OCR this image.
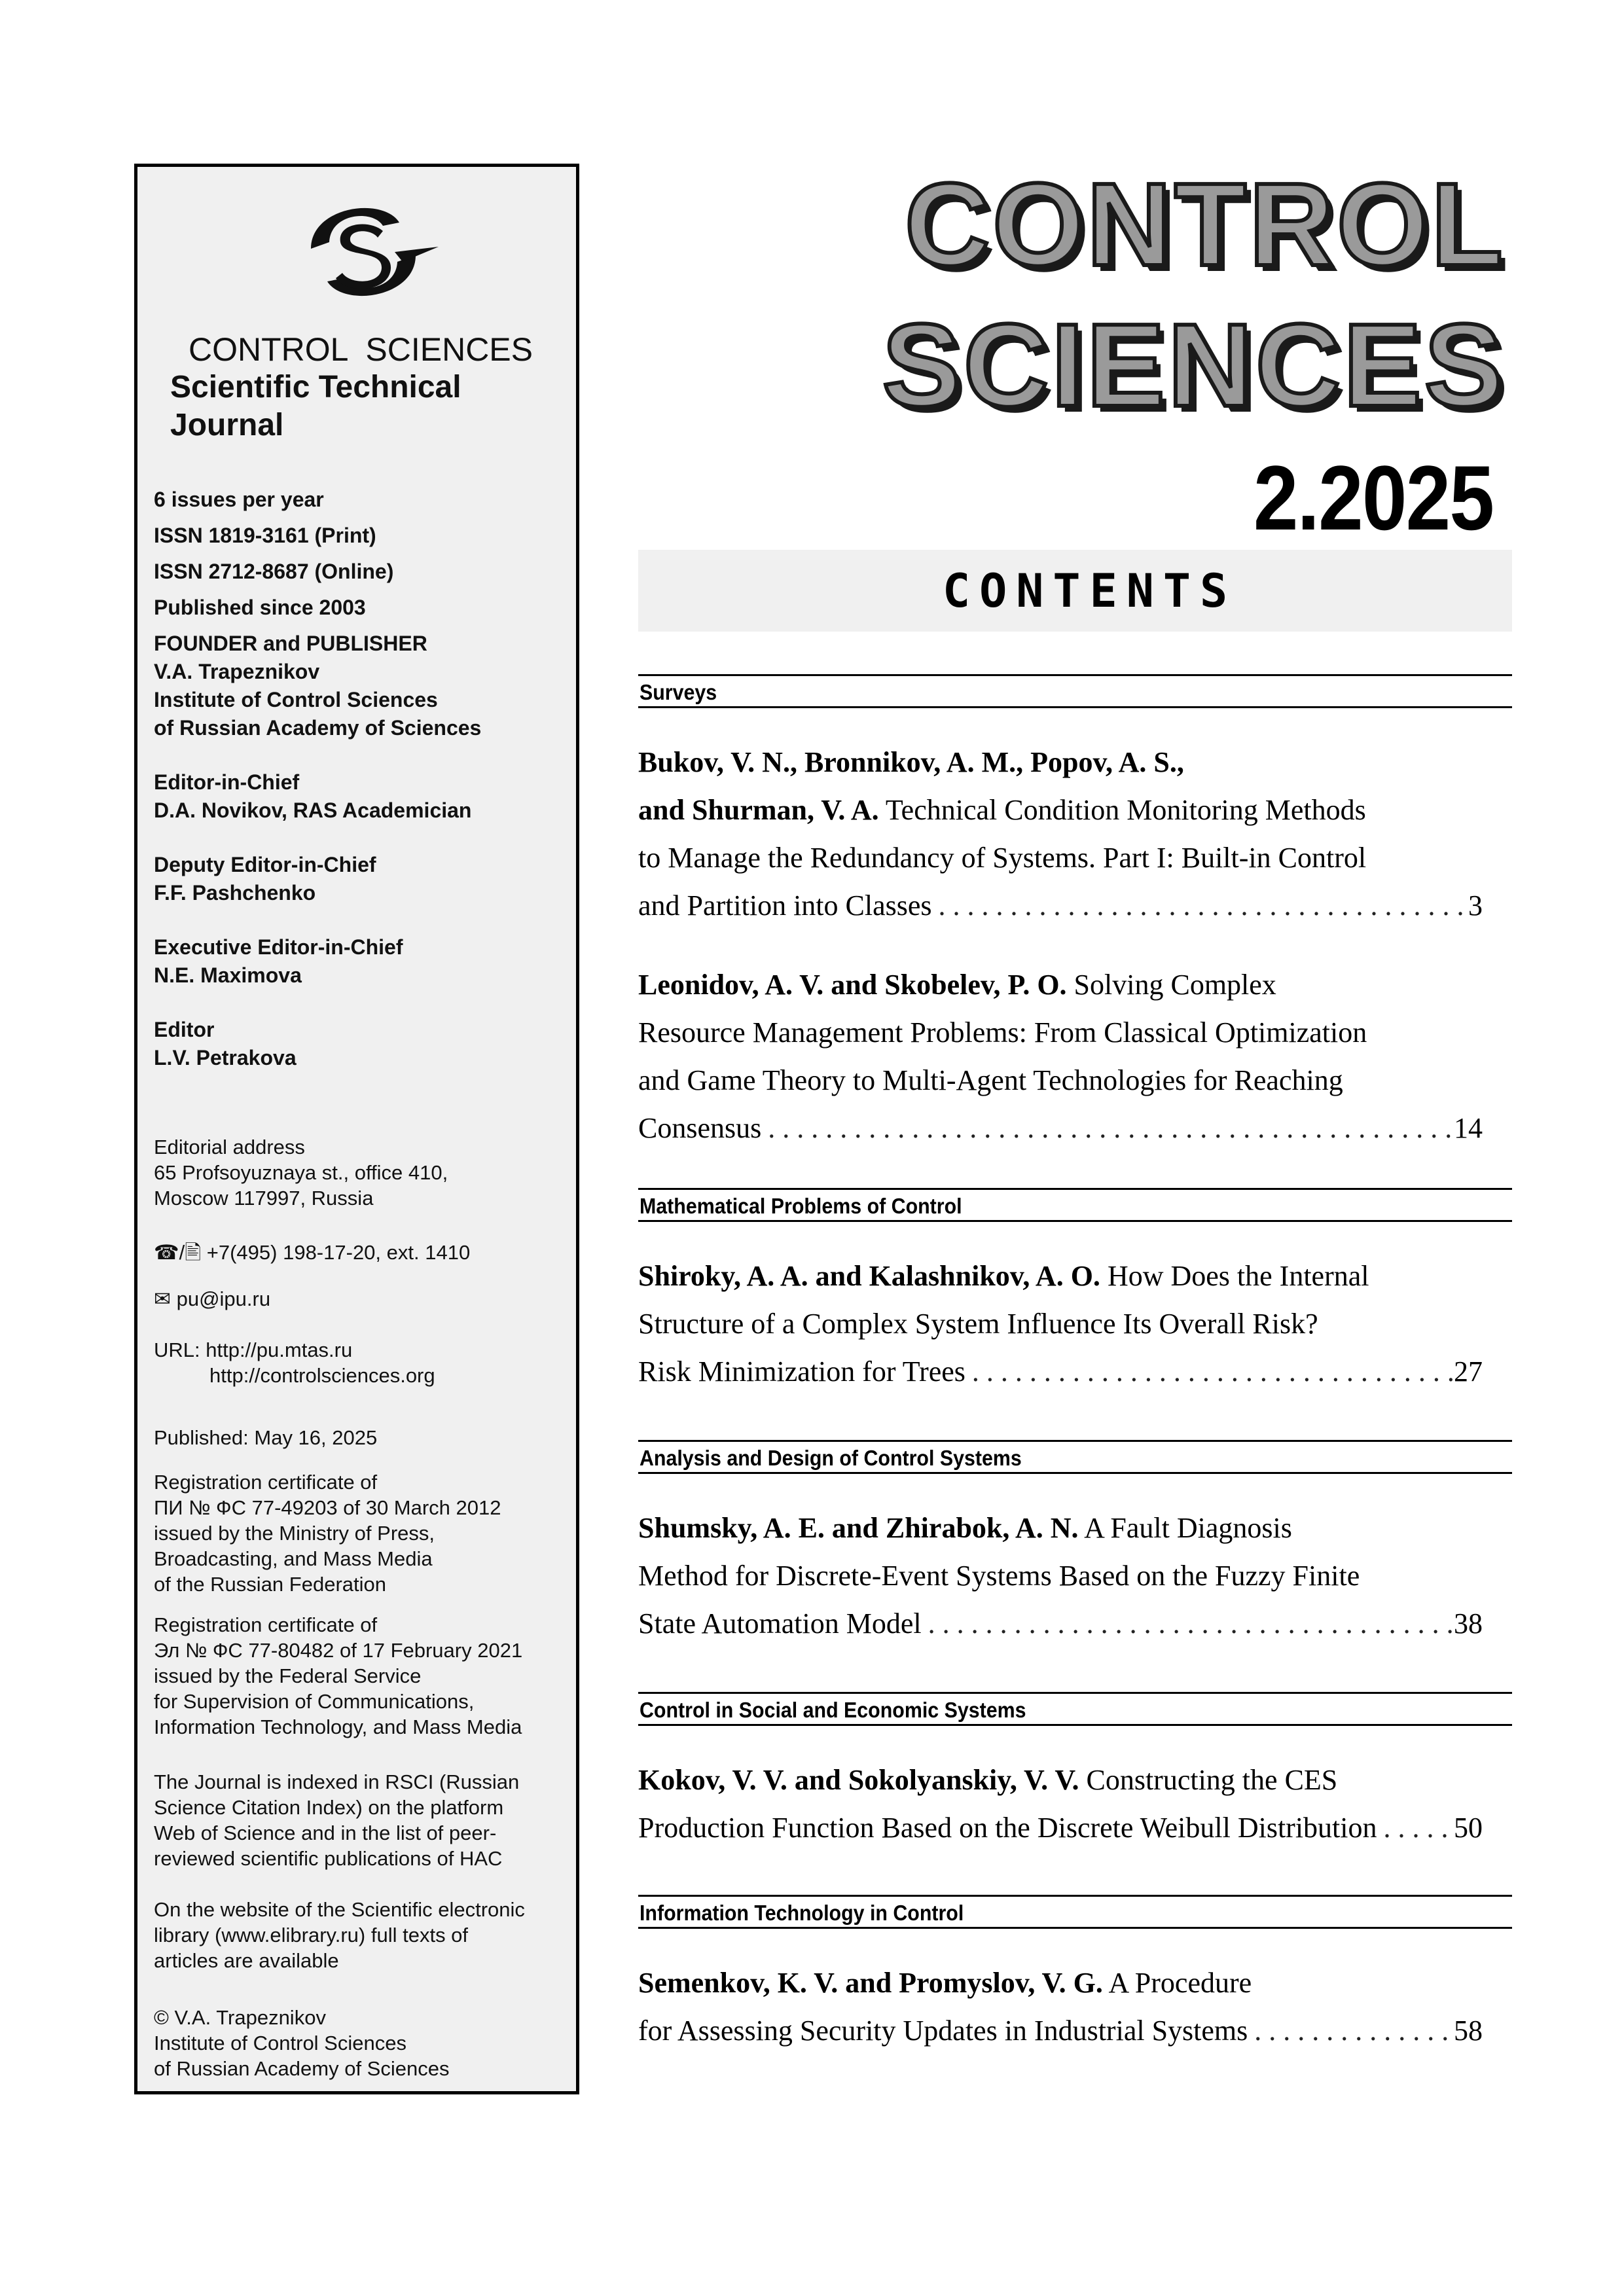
CONTROL  SCIENCES
Scientific Technical
Journal
6 issues per year
ISSN 1819-3161 (Print)
ISSN 2712-8687 (Online)
Published since 2003
FOUNDER and PUBLISHER
V.A. Trapeznikov
Institute of Control Sciences
of Russian Academy of Sciences
Editor-in-Chief
D.A. Novikov, RAS Academician
Deputy Editor-in-Chief
F.F. Pashchenko
Executive Editor-in-Chief
N.E. Maximova
Editor
L.V. Petrakova
Editorial address
65 Profsoyuznaya st., office 410,
Moscow 117997, Russia
☎/🖹 +7(495) 198-17-20, ext. 1410
✉ pu@ipu.ru
URL: http://pu.mtas.ru
http://controlsciences.org
Published: May 16, 2025
Registration certificate of
ПИ № ФС 77-49203 of 30 March 2012
issued by the Ministry of Press,
Broadcasting, and Mass Media
of the Russian Federation
Registration certificate of
Эл № ФС 77-80482 of 17 February 2021
issued by the Federal Service
for Supervision of Communications,
Information Technology, and Mass Media
The Journal is indexed in RSCI (Russian
Science Citation Index) on the platform
Web of Science and in the list of peer-
reviewed scientific publications of HAC
On the website of the Scientific electronic
library (www.elibrary.ru) full texts of
articles are available
© V.A. Trapeznikov
Institute of Control Sciences
of Russian Academy of Sciences
CONTROL
SCIENCES
2.2025
CONTENTS
Surveys
Bukov, V. N., Bronnikov, A. M., Popov, A. S.,
and Shurman, V. A. Technical Condition Monitoring Methods
to Manage the Redundancy of Systems. Part I: Built-in Control
and Partition into Classes . . .	3
Leonidov, A. V. and Skobelev, P. O. Solving Complex
Resource Management Problems: From Classical Optimization
and Game Theory to Multi-Agent Technologies for Reaching
Consensus . . .	14
Mathematical Problems of Control
Shiroky, A. A. and Kalashnikov, A. O. How Does the Internal
Structure of a Complex System Influence Its Overall Risk?
Risk Minimization for Trees . . .	27
Analysis and Design of Control Systems
Shumsky, A. E. and Zhirabok, A. N. A Fault Diagnosis
Method for Discrete-Event Systems Based on the Fuzzy Finite
State Automation Model . . .	38
Control in Social and Economic Systems
Kokov, V. V. and Sokolyanskiy, V. V. Constructing the CES
Production Function Based on the Discrete Weibull Distribution . . .	50
Information Technology in Control
Semenkov, K. V. and Promyslov, V. G. A Procedure
for Assessing Security Updates in Industrial Systems . . .	58
